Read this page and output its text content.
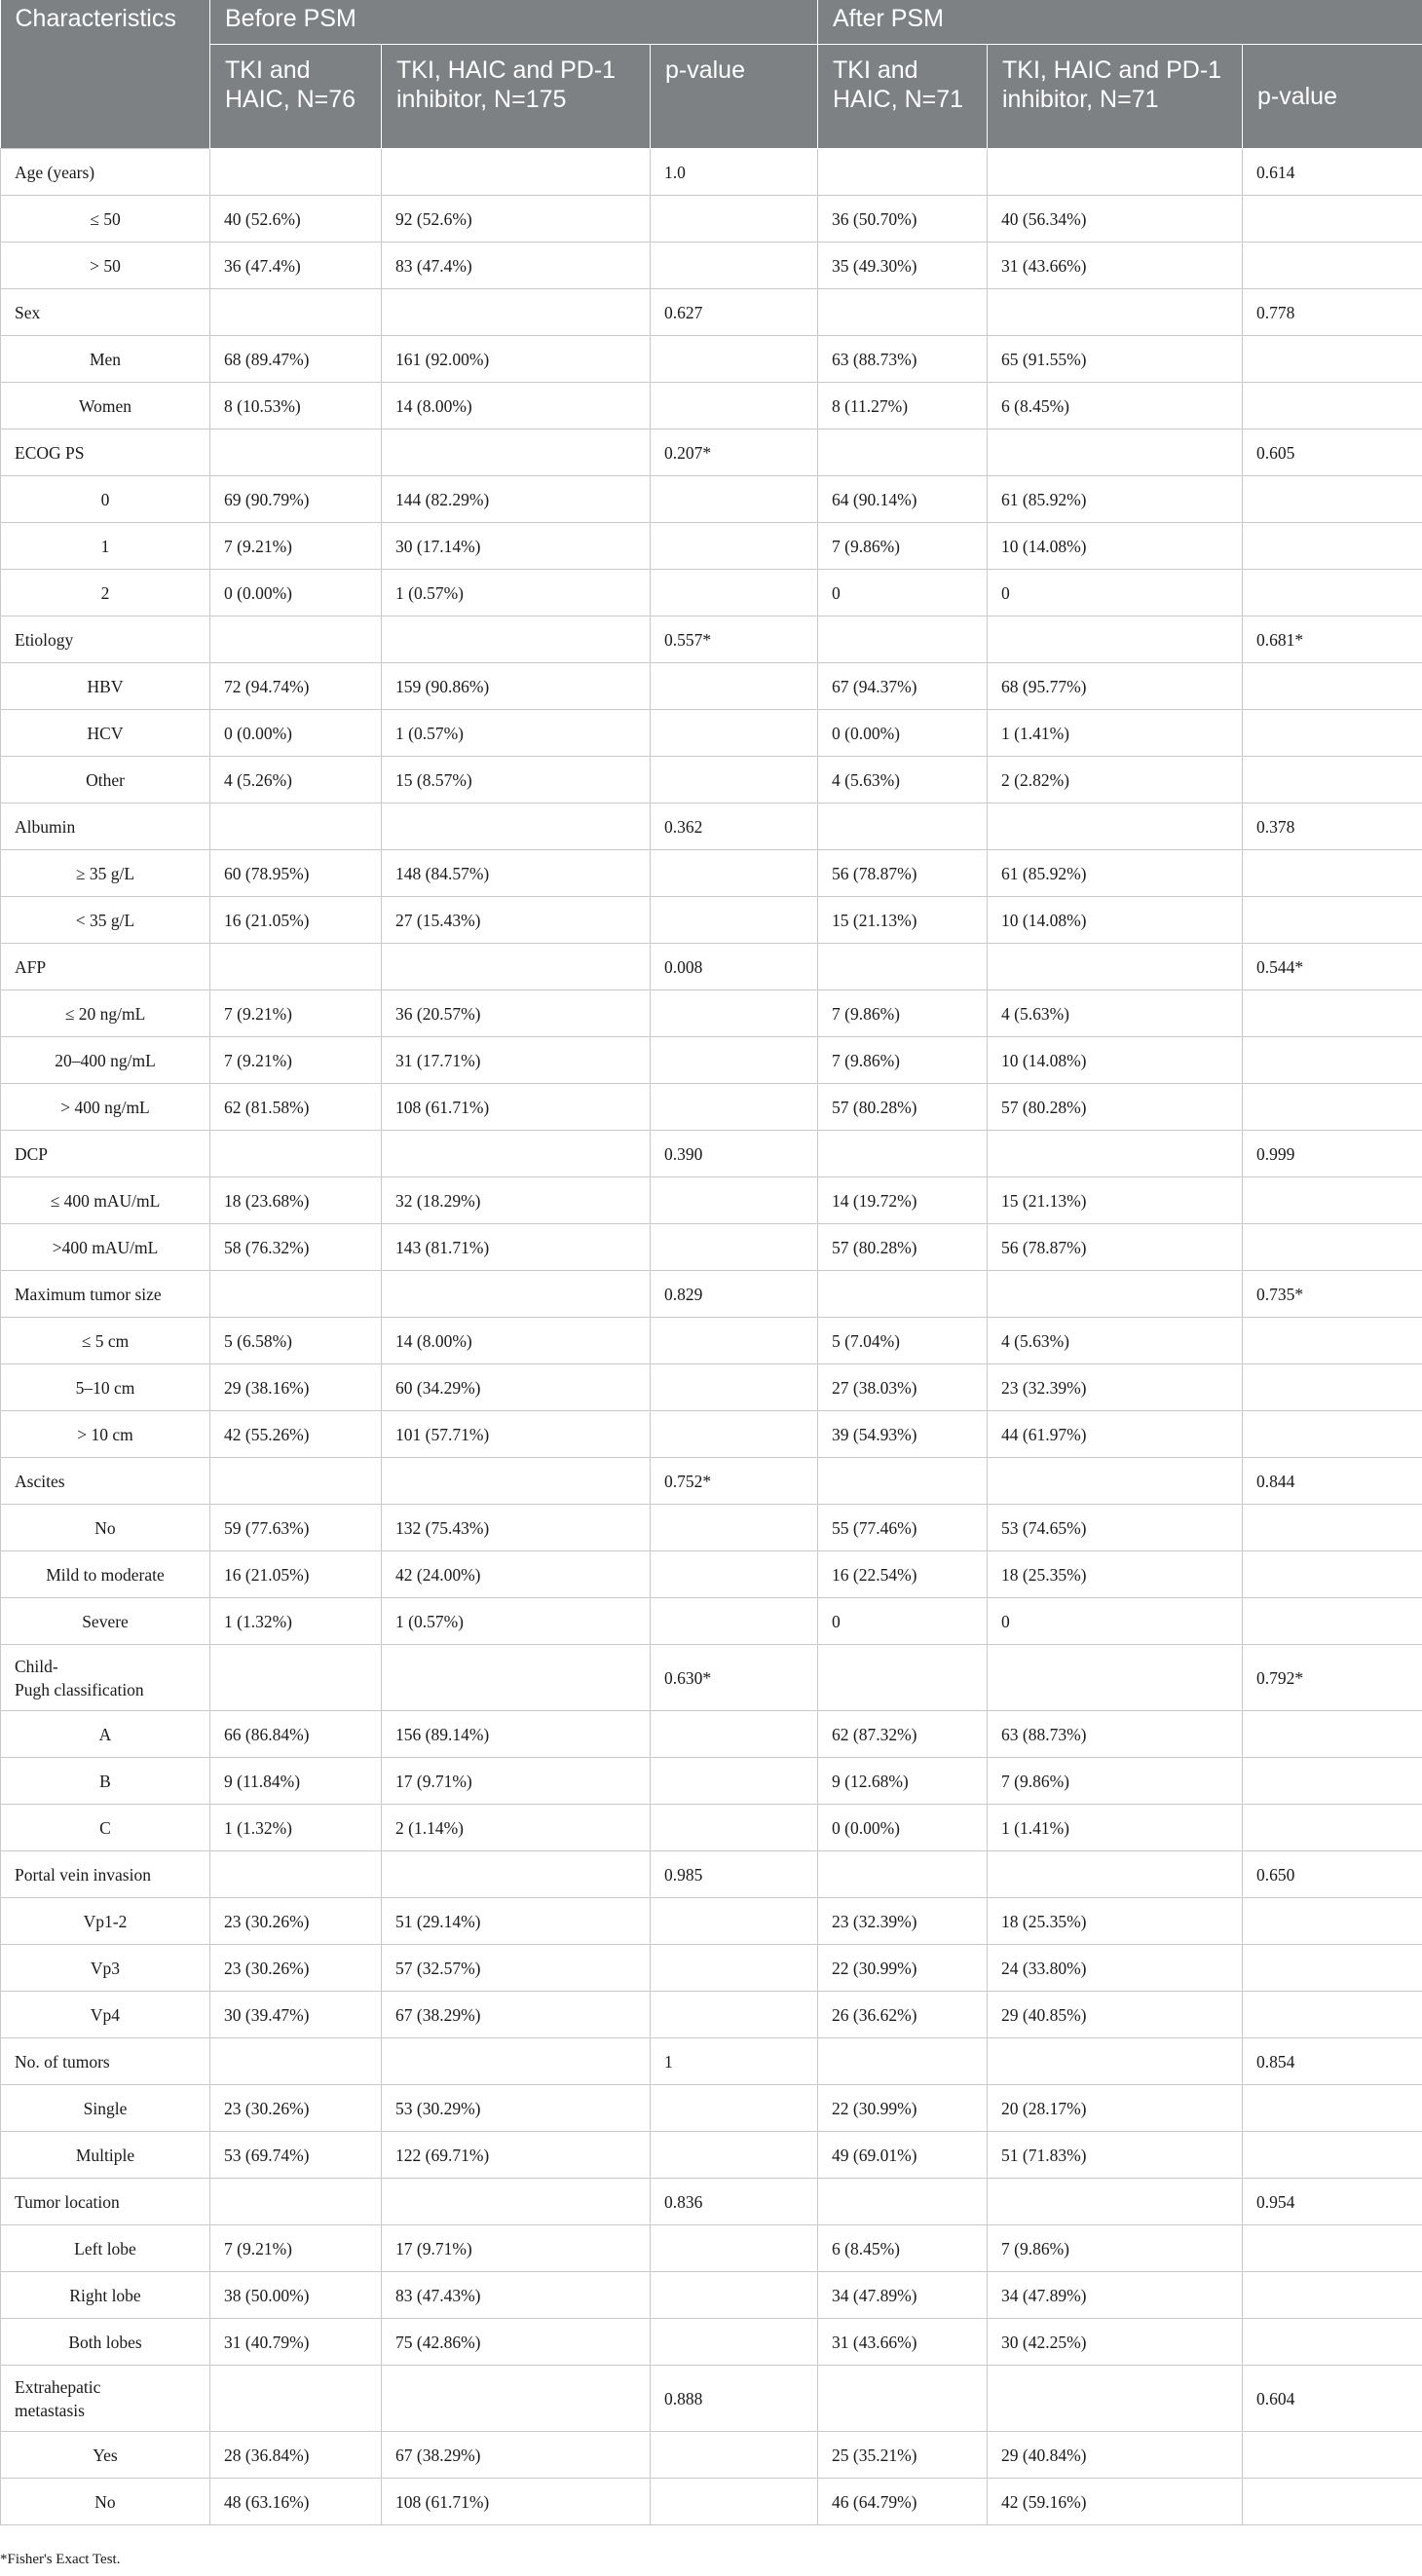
Characteristics	Before PSM			After PSM		
	TKI and HAIC, N=76	TKI, HAIC and PD-1 inhibitor, N=175	p-value	TKI and HAIC, N=71	TKI, HAIC and PD-1 inhibitor, N=71	p-value
Age (years)			1.0			0.614
≤ 50	40 (52.6%)	92 (52.6%)		36 (50.70%)	40 (56.34%)	
> 50	36 (47.4%)	83 (47.4%)		35 (49.30%)	31 (43.66%)	
Sex			0.627			0.778
Men	68 (89.47%)	161 (92.00%)		63 (88.73%)	65 (91.55%)	
Women	8 (10.53%)	14 (8.00%)		8 (11.27%)	6 (8.45%)	
ECOG PS			0.207*			0.605
0	69 (90.79%)	144 (82.29%)		64 (90.14%)	61 (85.92%)	
1	7 (9.21%)	30 (17.14%)		7 (9.86%)	10 (14.08%)	
2	0 (0.00%)	1 (0.57%)		0	0	
Etiology			0.557*			0.681*
HBV	72 (94.74%)	159 (90.86%)		67 (94.37%)	68 (95.77%)	
HCV	0 (0.00%)	1 (0.57%)		0 (0.00%)	1 (1.41%)	
Other	4 (5.26%)	15 (8.57%)		4 (5.63%)	2 (2.82%)	
Albumin			0.362			0.378
≥ 35 g/L	60 (78.95%)	148 (84.57%)		56 (78.87%)	61 (85.92%)	
< 35 g/L	16 (21.05%)	27 (15.43%)		15 (21.13%)	10 (14.08%)	
AFP			0.008			0.544*
≤ 20 ng/mL	7 (9.21%)	36 (20.57%)		7 (9.86%)	4 (5.63%)	
20–400 ng/mL	7 (9.21%)	31 (17.71%)		7 (9.86%)	10 (14.08%)	
> 400 ng/mL	62 (81.58%)	108 (61.71%)		57 (80.28%)	57 (80.28%)	
DCP			0.390			0.999
≤ 400 mAU/mL	18 (23.68%)	32 (18.29%)		14 (19.72%)	15 (21.13%)	
>400 mAU/mL	58 (76.32%)	143 (81.71%)		57 (80.28%)	56 (78.87%)	
Maximum tumor size			0.829			0.735*
≤ 5 cm	5 (6.58%)	14 (8.00%)		5 (7.04%)	4 (5.63%)	
5–10 cm	29 (38.16%)	60 (34.29%)		27 (38.03%)	23 (32.39%)	
> 10 cm	42 (55.26%)	101 (57.71%)		39 (54.93%)	44 (61.97%)	
Ascites			0.752*			0.844
No	59 (77.63%)	132 (75.43%)		55 (77.46%)	53 (74.65%)	
Mild to moderate	16 (21.05%)	42 (24.00%)		16 (22.54%)	18 (25.35%)	
Severe	1 (1.32%)	1 (0.57%)		0	0	
Child-
Pugh classification			0.630*			0.792*
A	66 (86.84%)	156 (89.14%)		62 (87.32%)	63 (88.73%)	
B	9 (11.84%)	17 (9.71%)		9 (12.68%)	7 (9.86%)	
C	1 (1.32%)	2 (1.14%)		0 (0.00%)	1 (1.41%)	
Portal vein invasion			0.985			0.650
Vp1-2	23 (30.26%)	51 (29.14%)		23 (32.39%)	18 (25.35%)	
Vp3	23 (30.26%)	57 (32.57%)		22 (30.99%)	24 (33.80%)	
Vp4	30 (39.47%)	67 (38.29%)		26 (36.62%)	29 (40.85%)	
No. of tumors			1			0.854
Single	23 (30.26%)	53 (30.29%)		22 (30.99%)	20 (28.17%)	
Multiple	53 (69.74%)	122 (69.71%)		49 (69.01%)	51 (71.83%)	
Tumor location			0.836			0.954
Left lobe	7 (9.21%)	17 (9.71%)		6 (8.45%)	7 (9.86%)	
Right lobe	38 (50.00%)	83 (47.43%)		34 (47.89%)	34 (47.89%)	
Both lobes	31 (40.79%)	75 (42.86%)		31 (43.66%)	30 (42.25%)	
Extrahepatic
metastasis			0.888			0.604
Yes	28 (36.84%)	67 (38.29%)		25 (35.21%)	29 (40.84%)	
No	48 (63.16%)	108 (61.71%)		46 (64.79%)	42 (59.16%)	
*Fisher's Exact Test.
